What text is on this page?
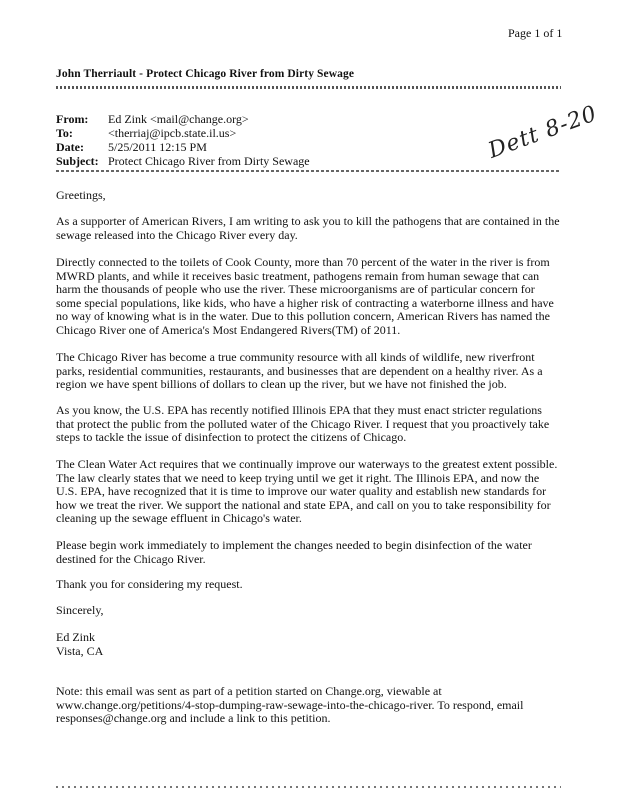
Page 1 of 1
John Therriault - Protect Chicago River from Dirty Sewage
From: Ed Zink <mail@change.org>
To:	<therriaj@ipcb.state.il.us>
Date: 5/25/2011 12:15 PM
Subject: Protect Chicago River from Dirty Sewage	Dett 8-20

Greetings,

As a supporter of American Rivers, I am writing to ask you to kill the pathogens that are contained in the sewage released into the Chicago River every day.

Directly connected to the toilets of Cook County, more than 70 percent of the water in the river is from MWRD plants, and while it receives basic treatment, pathogens remain from human sewage that can harm the thousands of people who use the river. These microorganisms are of particular concern for some special populations, like kids, who have a higher risk of contracting a waterborne illness and have no way of knowing what is in the water. Due to this pollution concern, American Rivers has named the Chicago River one of America's Most Endangered Rivers(TM) of 2011.

The Chicago River has become a true community resource with all kinds of wildlife, new riverfront parks, residential communities, restaurants, and businesses that are dependent on a healthy river. As a region we have spent billions of dollars to clean up the river, but we have not finished the job.

As you know, the U.S. EPA has recently notified Illinois EPA that they must enact stricter regulations that protect the public from the polluted water of the Chicago River. I request that you proactively take steps to tackle the issue of disinfection to protect the citizens of Chicago.

The Clean Water Act requires that we continually improve our waterways to the greatest extent possible. The law clearly states that we need to keep trying until we get it right. The Illinois EPA, and now the U.S. EPA, have recognized that it is time to improve our water quality and establish new standards for how we treat the river. We support the national and state EPA, and call on you to take responsibility for cleaning up the sewage effluent in Chicago's water.

Please begin work immediately to implement the changes needed to begin disinfection of the water destined for the Chicago River.

Thank you for considering my request.

Sincerely,

Ed Zink

Vista, CA

Note: this email was sent as part of a petition started on Change.org, viewable at www.change.org/petitions/4-stop-dumping-raw-sewage-into-the-chicago-river. To respond, email responses@change.org and include a link to this petition.
